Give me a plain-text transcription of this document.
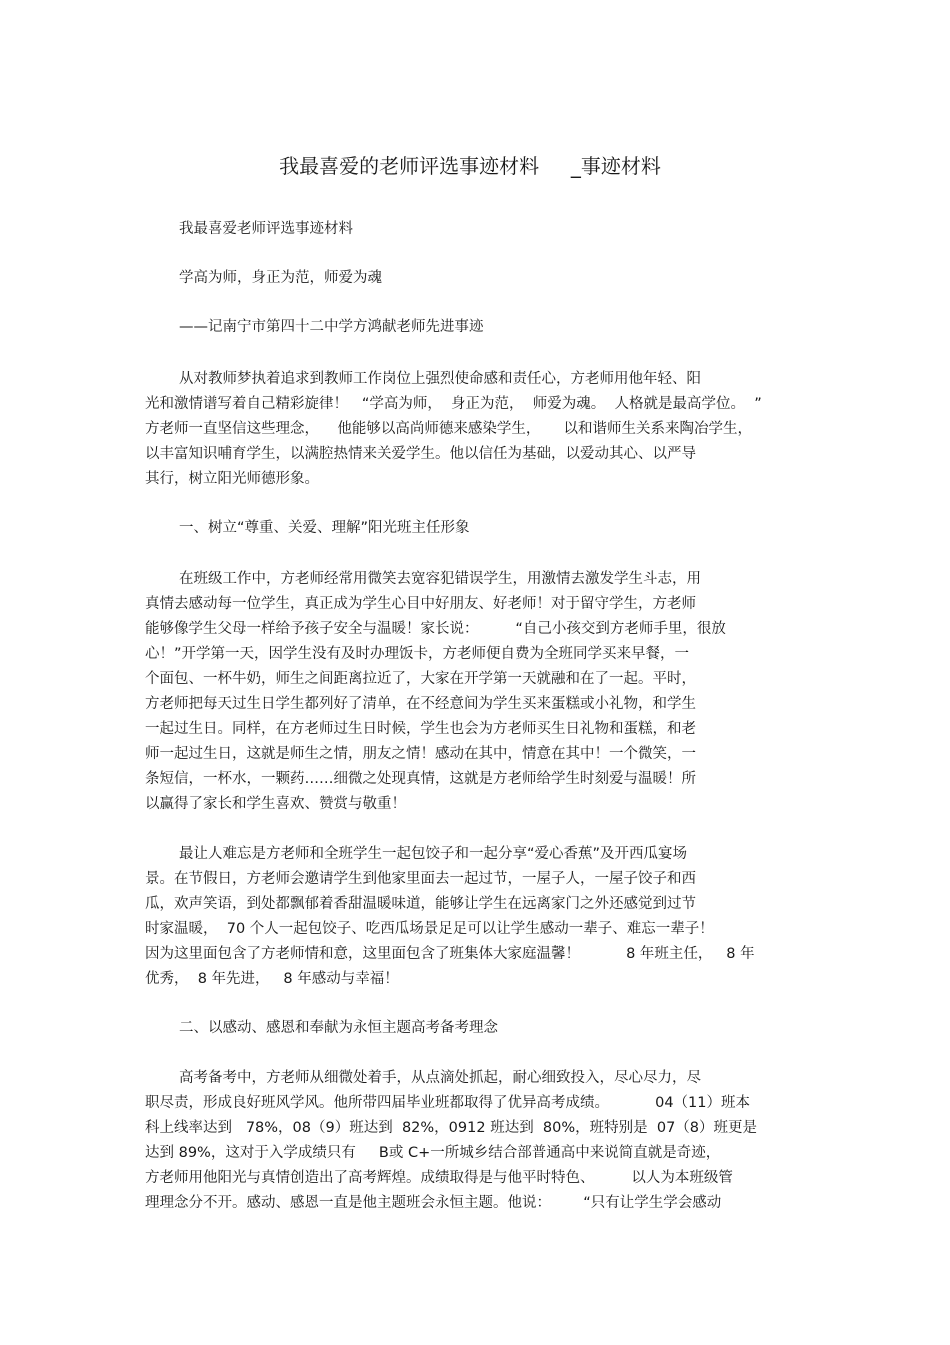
我最喜爱的老师评选事迹材料     _事迹材料
我最喜爱老师评选事迹材料
学高为师，身正为范，师爱为魂
——记南宁市第四十二中学方鸿献老师先进事迹
从对教师梦执着追求到教师工作岗位上强烈使命感和责任心，方老师用他年轻、阳
光和激情谱写着自己精彩旋律！   “学高为师，  身正为范，  师爱为魂。  人格就是最高学位。  ”
方老师一直坚信这些理念，    他能够以高尚师德来感染学生，     以和谐师生关系来陶冶学生，
以丰富知识哺育学生，以满腔热情来关爱学生。他以信任为基础，以爱动其心、以严导
其行，树立阳光师德形象。
一、树立“尊重、关爱、理解”阳光班主任形象
在班级工作中，方老师经常用微笑去宽容犯错误学生，用激情去激发学生斗志，用
真情去感动每一位学生，真正成为学生心目中好朋友、好老师！对于留守学生，方老师
能够像学生父母一样给予孩子安全与温暖！家长说：        “自己小孩交到方老师手里，很放
心！”开学第一天，因学生没有及时办理饭卡，方老师便自费为全班同学买来早餐，一
个面包、一杯牛奶，师生之间距离拉近了，大家在开学第一天就融和在了一起。平时，
方老师把每天过生日学生都列好了清单，在不经意间为学生买来蛋糕或小礼物，和学生
一起过生日。同样，在方老师过生日时候，学生也会为方老师买生日礼物和蛋糕，和老
师一起过生日，这就是师生之情，朋友之情！感动在其中，情意在其中！一个微笑，一
条短信，一杯水，一颗药……细微之处现真情，这就是方老师给学生时刻爱与温暖！所
以赢得了家长和学生喜欢、赞赏与敬重！
最让人难忘是方老师和全班学生一起包饺子和一起分享“爱心香蕉”及开西瓜宴场
景。在节假日，方老师会邀请学生到他家里面去一起过节，一屋子人，一屋子饺子和西
瓜，欢声笑语，到处都飘郁着香甜温暖味道，能够让学生在远离家门之外还感觉到过节
时家温暖，  70 个人一起包饺子、吃西瓜场景足足可以让学生感动一辈子、难忘一辈子！
因为这里面包含了方老师情和意，这里面包含了班集体大家庭温馨！          8 年班主任，   8 年
优秀，  8 年先进，   8 年感动与幸福！
二、以感动、感恩和奉献为永恒主题高考备考理念
高考备考中，方老师从细微处着手，从点滴处抓起，耐心细致投入，尽心尽力，尽
职尽责，形成良好班风学风。他所带四届毕业班都取得了优异高考成绩。          04（11）班本
科上线率达到   78%，08（9）班达到  82%，0912 班达到  80%，班特别是  07（8）班更是
达到 89%，这对于入学成绩只有     B或 C+一所城乡结合部普通高中来说简直就是奇迹，
方老师用他阳光与真情创造出了高考辉煌。成绩取得是与他平时特色、        以人为本班级管
理理念分不开。感动、感恩一直是他主题班会永恒主题。他说：       “只有让学生学会感动
